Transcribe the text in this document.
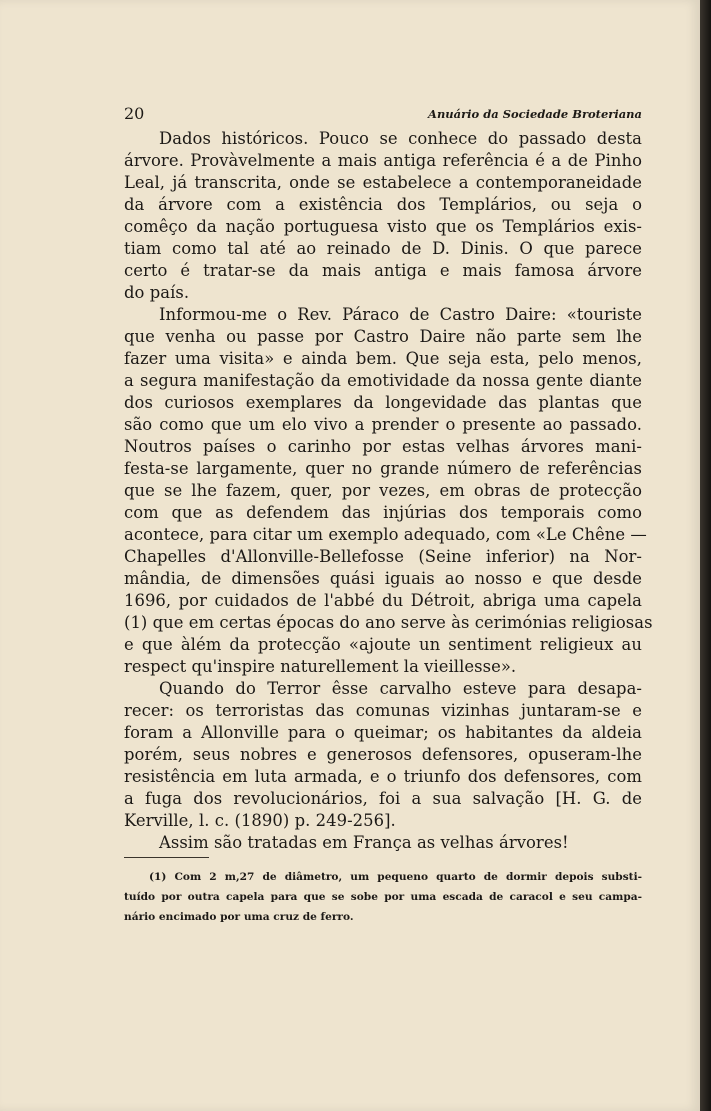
20	Anuário da Sociedade Broteriana
Dados históricos. Pouco se conhece do passado desta
árvore. Provàvelmente a mais antiga referência é a de Pinho
Leal, já transcrita, onde se estabelece a contemporaneidade
da árvore com a existência dos Templários, ou seja o
comêço da nação portuguesa visto que os Templários exis-
tiam como tal até ao reinado de D. Dinis. O que parece
certo é tratar-se da mais antiga e mais famosa árvore
do país.
Informou-me o Rev. Páraco de Castro Daire: «touriste
que venha ou passe por Castro Daire não parte sem lhe
fazer uma visita» e ainda bem. Que seja esta, pelo menos,
a segura manifestação da emotividade da nossa gente diante
dos curiosos exemplares da longevidade das plantas que
são como que um elo vivo a prender o presente ao passado.
Noutros países o carinho por estas velhas árvores mani-
festa-se largamente, quer no grande número de referências
que se lhe fazem, quer, por vezes, em obras de protecção
com que as defendem das injúrias dos temporais como
acontece, para citar um exemplo adequado, com «Le Chêne —
Chapelles d'Allonville-Bellefosse (Seine inferior) na Nor-
mândia, de dimensões quási iguais ao nosso e que desde
1696, por cuidados de l'abbé du Détroit, abriga uma capela
(1) que em certas épocas do ano serve às cerimónias religiosas
e que àlém da protecção «ajoute un sentiment religieux au
respect qu'inspire naturellement la vieillesse».
Quando do Terror êsse carvalho esteve para desapa-
recer: os terroristas das comunas vizinhas juntaram-se e
foram a Allonville para o queimar; os habitantes da aldeia
porém, seus nobres e generosos defensores, opuseram-lhe
resistência em luta armada, e o triunfo dos defensores, com
a fuga dos revolucionários, foi a sua salvação [H. G. de
Kerville, l. c. (1890) p. 249-256].
Assim são tratadas em França as velhas árvores!
(1) Com 2 m,27 de diâmetro, um pequeno quarto de dormir depois substi-
tuído por outra capela para que se sobe por uma escada de caracol e seu campa-
nário encimado por uma cruz de ferro.
